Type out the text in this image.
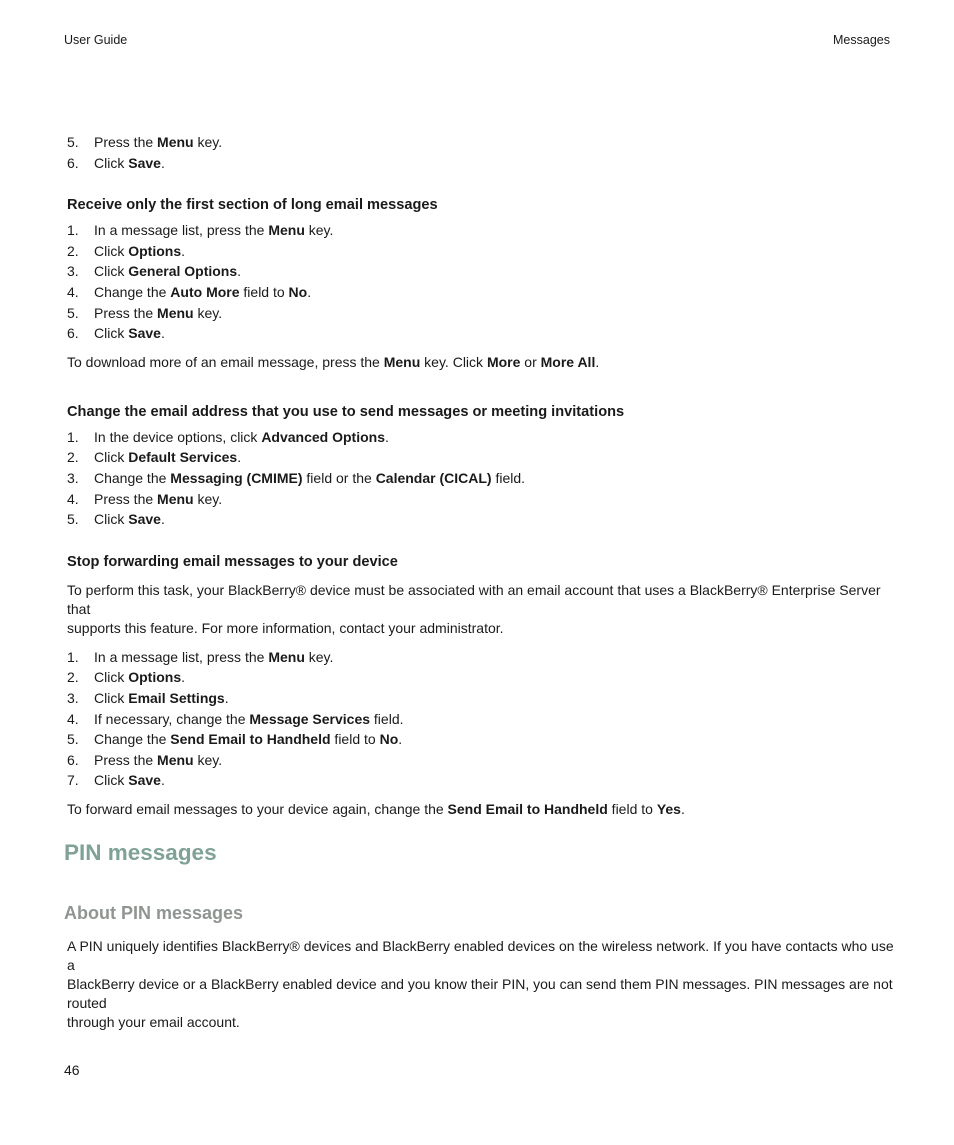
User Guide	Messages
5. Press the Menu key.
6. Click Save.
Receive only the first section of long email messages
1. In a message list, press the Menu key.
2. Click Options.
3. Click General Options.
4. Change the Auto More field to No.
5. Press the Menu key.
6. Click Save.

To download more of an email message, press the Menu key. Click More or More All.

Change the email address that you use to send messages or meeting invitations
1. In the device options, click Advanced Options.
2. Click Default Services.
3. Change the Messaging (CMIME) field or the Calendar (CICAL) field.
4. Press the Menu key.
5. Click Save.
Stop forwarding email messages to your device

To perform this task, your BlackBerry® device must be associated with an email account that uses a BlackBerry® Enterprise Server that
supports this feature. For more information, contact your administrator.

1. In a message list, press the Menu key.
2. Click Options.
3. Click Email Settings.
4. If necessary, change the Message Services field.
5. Change the Send Email to Handheld field to No.
6. Press the Menu key.
7. Click Save.

To forward email messages to your device again, change the Send Email to Handheld field to Yes.

PIN messages
About PIN messages

A PIN uniquely identifies BlackBerry® devices and BlackBerry enabled devices on the wireless network. If you have contacts who use a
BlackBerry device or a BlackBerry enabled device and you know their PIN, you can send them PIN messages. PIN messages are not routed
through your email account.

46
